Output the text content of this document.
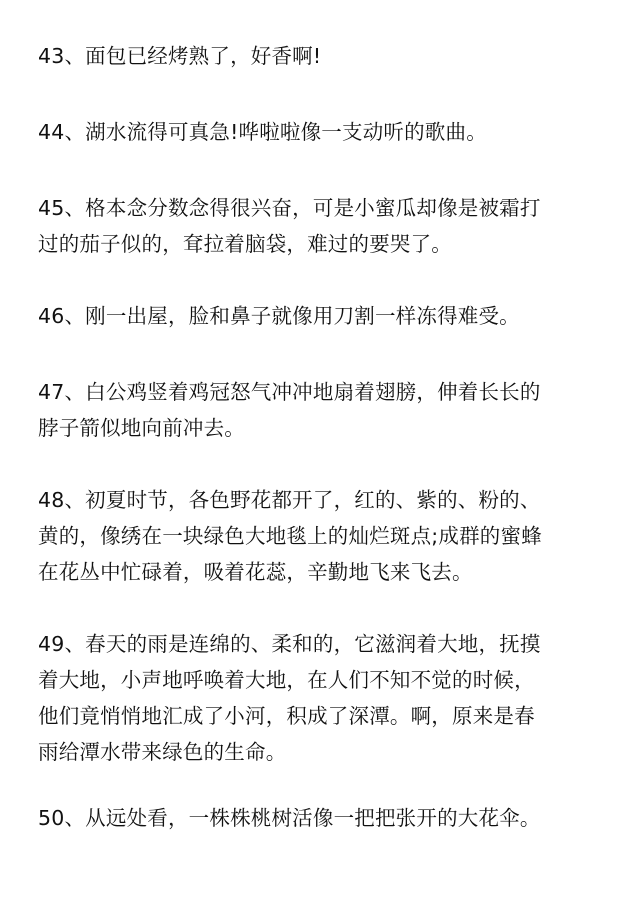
43、面包已经烤熟了，好香啊!

44、湖水流得可真急!哗啦啦像一支动听的歌曲。

45、格本念分数念得很兴奋，可是小蜜瓜却像是被霜打
过的茄子似的，耷拉着脑袋，难过的要哭了。

46、刚一出屋，脸和鼻子就像用刀割一样冻得难受。

47、白公鸡竖着鸡冠怒气冲冲地扇着翅膀，伸着长长的
脖子箭似地向前冲去。

48、初夏时节，各色野花都开了，红的、紫的、粉的、
黄的，像绣在一块绿色大地毯上的灿烂斑点;成群的蜜蜂
在花丛中忙碌着，吸着花蕊，辛勤地飞来飞去。

49、春天的雨是连绵的、柔和的，它滋润着大地，抚摸
着大地，小声地呼唤着大地，在人们不知不觉的时候，
他们竟悄悄地汇成了小河，积成了深潭。啊，原来是春
雨给潭水带来绿色的生命。

50、从远处看，一株株桃树活像一把把张开的大花伞。
